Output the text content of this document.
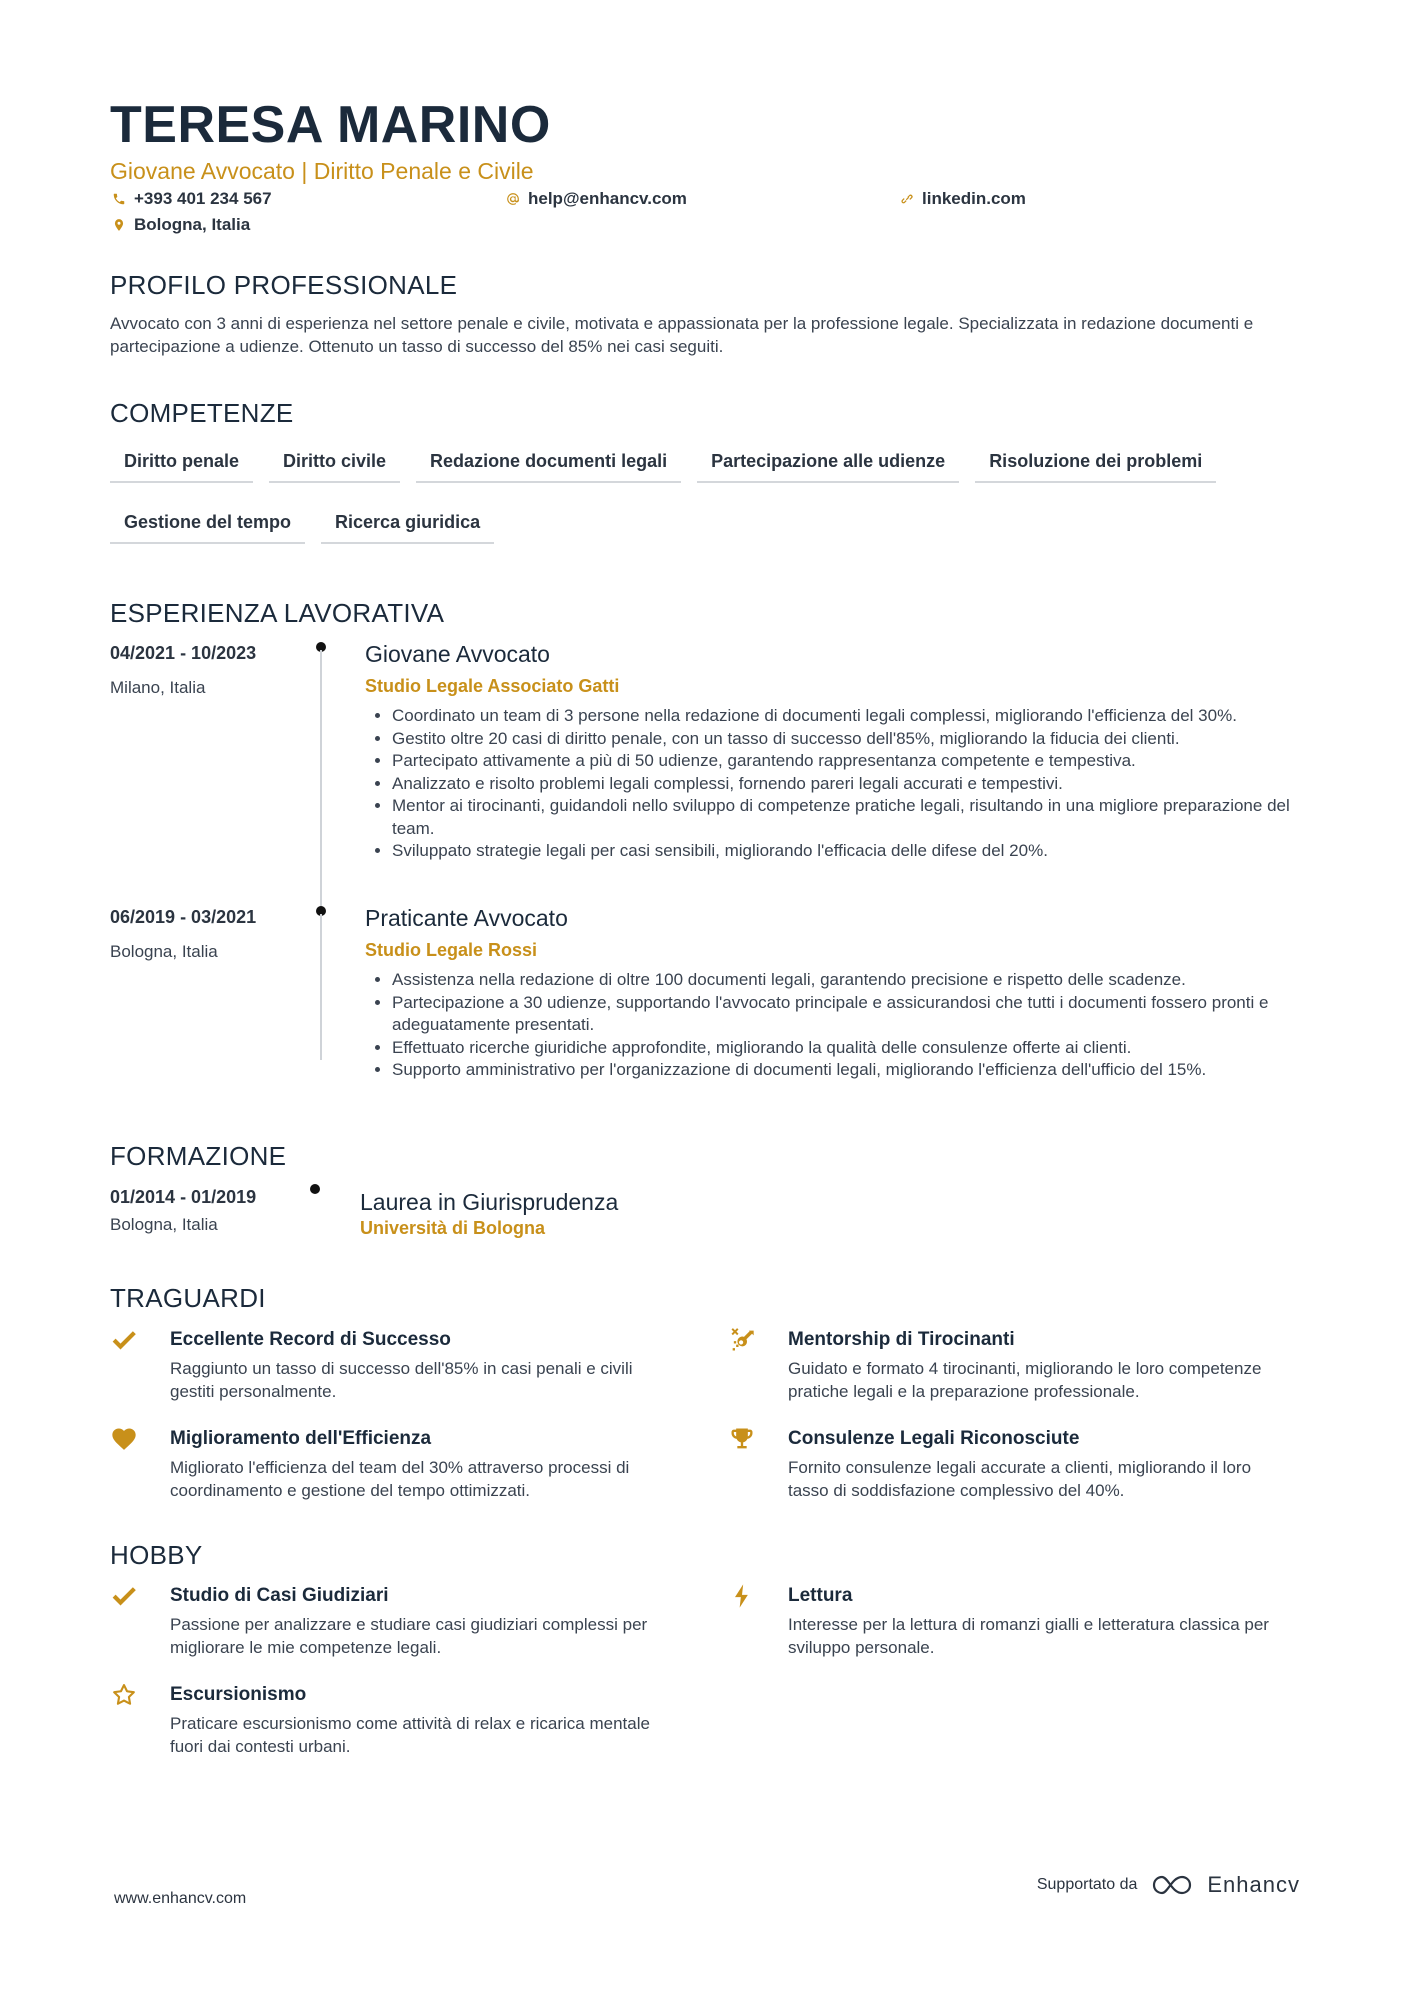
TERESA MARINO
Giovane Avvocato | Diritto Penale e Civile
+393 401 234 567	help@enhancv.com	linkedin.com
Bologna, Italia
PROFILO PROFESSIONALE
Avvocato con 3 anni di esperienza nel settore penale e civile, motivata e appassionata per la professione legale. Specializzata in redazione documenti e partecipazione a udienze. Ottenuto un tasso di successo del 85% nei casi seguiti.
COMPETENZE
Diritto penale	Diritto civile	Redazione documenti legali	Partecipazione alle udienze	Risoluzione dei problemi
Gestione del tempo	Ricerca giuridica
ESPERIENZA LAVORATIVA
04/2021 - 10/2023
Milano, Italia
Giovane Avvocato
Studio Legale Associato Gatti
• Coordinato un team di 3 persone nella redazione di documenti legali complessi, migliorando l'efficienza del 30%.
• Gestito oltre 20 casi di diritto penale, con un tasso di successo dell'85%, migliorando la fiducia dei clienti.
• Partecipato attivamente a più di 50 udienze, garantendo rappresentanza competente e tempestiva.
• Analizzato e risolto problemi legali complessi, fornendo pareri legali accurati e tempestivi.
• Mentor ai tirocinanti, guidandoli nello sviluppo di competenze pratiche legali, risultando in una migliore preparazione del team.
• Sviluppato strategie legali per casi sensibili, migliorando l'efficacia delle difese del 20%.
06/2019 - 03/2021
Bologna, Italia
Praticante Avvocato
Studio Legale Rossi
• Assistenza nella redazione di oltre 100 documenti legali, garantendo precisione e rispetto delle scadenze.
• Partecipazione a 30 udienze, supportando l'avvocato principale e assicurandosi che tutti i documenti fossero pronti e adeguatamente presentati.
• Effettuato ricerche giuridiche approfondite, migliorando la qualità delle consulenze offerte ai clienti.
• Supporto amministrativo per l'organizzazione di documenti legali, migliorando l'efficienza dell'ufficio del 15%.
FORMAZIONE
01/2014 - 01/2019
Bologna, Italia
Laurea in Giurisprudenza
Università di Bologna
TRAGUARDI
Eccellente Record di Successo
Raggiunto un tasso di successo dell'85% in casi penali e civili gestiti personalmente.
Mentorship di Tirocinanti
Guidato e formato 4 tirocinanti, migliorando le loro competenze pratiche legali e la preparazione professionale.
Miglioramento dell'Efficienza
Migliorato l'efficienza del team del 30% attraverso processi di coordinamento e gestione del tempo ottimizzati.
Consulenze Legali Riconosciute
Fornito consulenze legali accurate a clienti, migliorando il loro tasso di soddisfazione complessivo del 40%.
HOBBY
Studio di Casi Giudiziari
Passione per analizzare e studiare casi giudiziari complessi per migliorare le mie competenze legali.
Lettura
Interesse per la lettura di romanzi gialli e letteratura classica per sviluppo personale.
Escursionismo
Praticare escursionismo come attività di relax e ricarica mentale fuori dai contesti urbani.
www.enhancv.com
Supportato da	Enhancv
